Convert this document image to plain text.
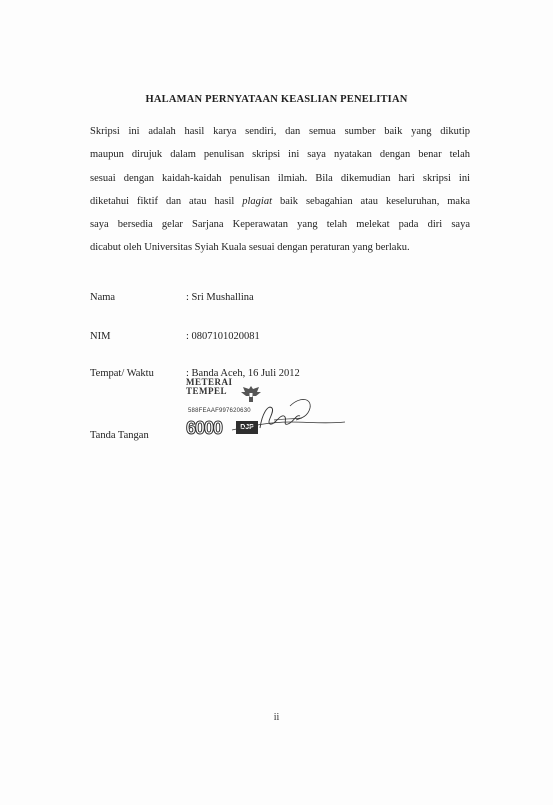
HALAMAN PERNYATAAN KEASLIAN PENELITIAN
Skripsi ini adalah hasil karya sendiri, dan semua sumber baik yang dikutip
maupun dirujuk dalam penulisan skripsi ini saya nyatakan dengan benar telah
sesuai dengan kaidah-kaidah penulisan ilmiah. Bila dikemudian hari skripsi ini
diketahui fiktif dan atau hasil plagiat baik sebagahian atau keseluruhan, maka
saya bersedia gelar Sarjana Keperawatan yang telah melekat pada diri saya
dicabut oleh Universitas Syiah Kuala sesuai dengan peraturan yang berlaku.
Nama	: Sri Mushallina
NIM	: 0807101020081
Tempat/ Waktu	: Banda Aceh, 16 Juli 2012
Tanda Tangan
METERAI
TEMPEL
588FEAAF997620630
6000	DJP
ii
